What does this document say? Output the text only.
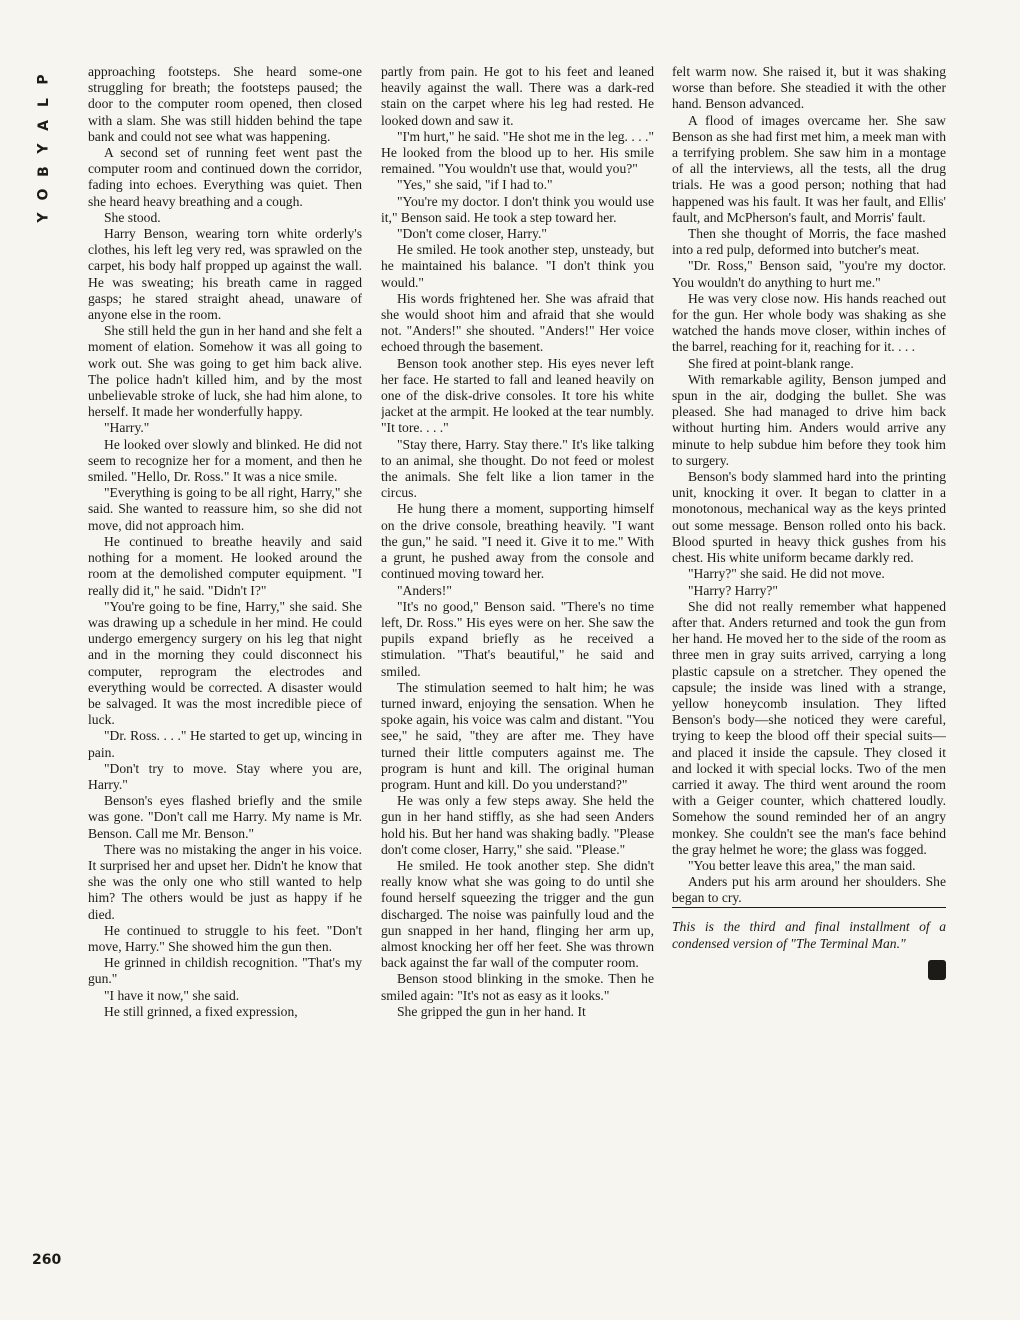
P
L
A
Y
B
O
Y

approaching footsteps. She heard some-one struggling for breath; the footsteps paused; the door to the computer room opened, then closed with a slam. She was still hidden behind the tape bank and could not see what was happening.

A second set of running feet went past the computer room and continued down the corridor, fading into echoes. Everything was quiet. Then she heard heavy breathing and a cough.

She stood.

Harry Benson, wearing torn white orderly's clothes, his left leg very red, was sprawled on the carpet, his body half propped up against the wall. He was sweating; his breath came in ragged gasps; he stared straight ahead, unaware of anyone else in the room.

She still held the gun in her hand and she felt a moment of elation. Somehow it was all going to work out. She was going to get him back alive. The police hadn't killed him, and by the most unbelievable stroke of luck, she had him alone, to herself. It made her wonderfully happy.

"Harry."

He looked over slowly and blinked. He did not seem to recognize her for a moment, and then he smiled. "Hello, Dr. Ross." It was a nice smile.

"Everything is going to be all right, Harry," she said. She wanted to reassure him, so she did not move, did not approach him.

He continued to breathe heavily and said nothing for a moment. He looked around the room at the demolished computer equipment. "I really did it," he said. "Didn't I?"

"You're going to be fine, Harry," she said. She was drawing up a schedule in her mind. He could undergo emergency surgery on his leg that night and in the morning they could disconnect his computer, reprogram the electrodes and everything would be corrected. A disaster would be salvaged. It was the most incredible piece of luck.

"Dr. Ross. . . ." He started to get up, wincing in pain.

"Don't try to move. Stay where you are, Harry."

Benson's eyes flashed briefly and the smile was gone. "Don't call me Harry. My name is Mr. Benson. Call me Mr. Benson."

There was no mistaking the anger in his voice. It surprised her and upset her. Didn't he know that she was the only one who still wanted to help him? The others would be just as happy if he died.

He continued to struggle to his feet. "Don't move, Harry." She showed him the gun then.

He grinned in childish recognition. "That's my gun."

"I have it now," she said.

He still grinned, a fixed expression,

partly from pain. He got to his feet and leaned heavily against the wall. There was a dark-red stain on the carpet where his leg had rested. He looked down and saw it.

"I'm hurt," he said. "He shot me in the leg. . . ." He looked from the blood up to her. His smile remained. "You wouldn't use that, would you?"

"Yes," she said, "if I had to."

"You're my doctor. I don't think you would use it," Benson said. He took a step toward her.

"Don't come closer, Harry."

He smiled. He took another step, unsteady, but he maintained his balance. "I don't think you would."

His words frightened her. She was afraid that she would shoot him and afraid that she would not. "Anders!" she shouted. "Anders!" Her voice echoed through the basement.

Benson took another step. His eyes never left her face. He started to fall and leaned heavily on one of the disk-drive consoles. It tore his white jacket at the armpit. He looked at the tear numbly. "It tore. . . ."

"Stay there, Harry. Stay there." It's like talking to an animal, she thought. Do not feed or molest the animals. She felt like a lion tamer in the circus.

He hung there a moment, supporting himself on the drive console, breathing heavily. "I want the gun," he said. "I need it. Give it to me." With a grunt, he pushed away from the console and continued moving toward her.

"Anders!"

"It's no good," Benson said. "There's no time left, Dr. Ross." His eyes were on her. She saw the pupils expand briefly as he received a stimulation. "That's beautiful," he said and smiled.

The stimulation seemed to halt him; he was turned inward, enjoying the sensation. When he spoke again, his voice was calm and distant. "You see," he said, "they are after me. They have turned their little computers against me. The program is hunt and kill. The original human program. Hunt and kill. Do you understand?"

He was only a few steps away. She held the gun in her hand stiffly, as she had seen Anders hold his. But her hand was shaking badly. "Please don't come closer, Harry," she said. "Please."

He smiled. He took another step. She didn't really know what she was going to do until she found herself squeezing the trigger and the gun discharged. The noise was painfully loud and the gun snapped in her hand, flinging her arm up, almost knocking her off her feet. She was thrown back against the far wall of the computer room.

Benson stood blinking in the smoke. Then he smiled again: "It's not as easy as it looks."

She gripped the gun in her hand. It

felt warm now. She raised it, but it was shaking worse than before. She steadied it with the other hand. Benson advanced.

A flood of images overcame her. She saw Benson as she had first met him, a meek man with a terrifying problem. She saw him in a montage of all the interviews, all the tests, all the drug trials. He was a good person; nothing that had happened was his fault. It was her fault, and Ellis' fault, and McPherson's fault, and Morris' fault.

Then she thought of Morris, the face mashed into a red pulp, deformed into butcher's meat.

"Dr. Ross," Benson said, "you're my doctor. You wouldn't do anything to hurt me."

He was very close now. His hands reached out for the gun. Her whole body was shaking as she watched the hands move closer, within inches of the barrel, reaching for it, reaching for it. . . .

She fired at point-blank range.

With remarkable agility, Benson jumped and spun in the air, dodging the bullet. She was pleased. She had managed to drive him back without hurting him. Anders would arrive any minute to help subdue him before they took him to surgery.

Benson's body slammed hard into the printing unit, knocking it over. It began to clatter in a monotonous, mechanical way as the keys printed out some message. Benson rolled onto his back. Blood spurted in heavy thick gushes from his chest. His white uniform became darkly red.

"Harry?" she said. He did not move.

"Harry? Harry?"

She did not really remember what happened after that. Anders returned and took the gun from her hand. He moved her to the side of the room as three men in gray suits arrived, carrying a long plastic capsule on a stretcher. They opened the capsule; the inside was lined with a strange, yellow honeycomb insulation. They lifted Benson's body—she noticed they were careful, trying to keep the blood off their special suits—and placed it inside the capsule. They closed it and locked it with special locks. Two of the men carried it away. The third went around the room with a Geiger counter, which chattered loudly. Somehow the sound reminded her of an angry monkey. She couldn't see the man's face behind the gray helmet he wore; the glass was fogged.

"You better leave this area," the man said.

Anders put his arm around her shoulders. She began to cry.

This is the third and final installment of a condensed version of "The Terminal Man."

260
